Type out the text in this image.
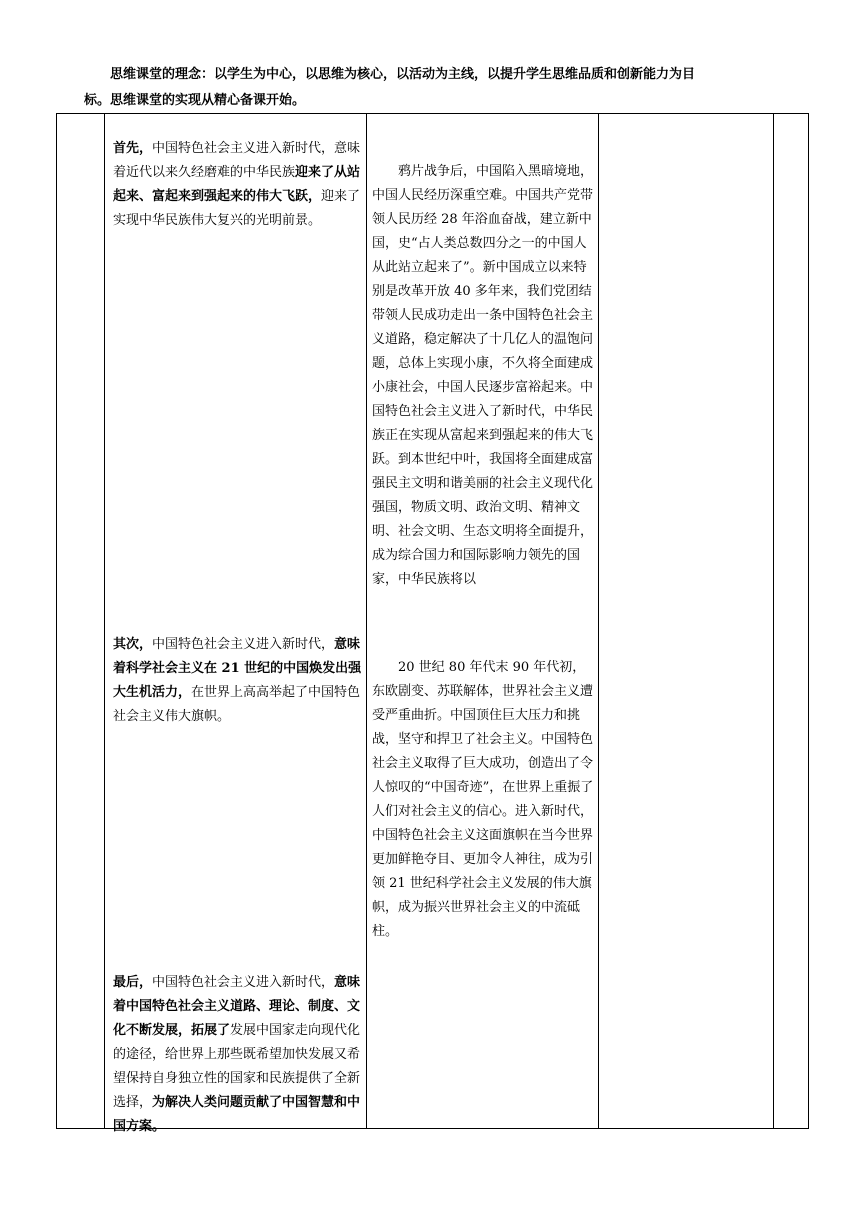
思维课堂的理念：以学生为中心，以思维为核心，以活动为主线，以提升学生思维品质和创新能力为目

标。思维课堂的实现从精心备课开始。

首先，中国特色社会主义进入新时代，意味着近代以来久经磨难的中华民族迎来了从站起来、富起来到强起来的伟大飞跃，迎来了实现中华民族伟大复兴的光明前景。

其次，中国特色社会主义进入新时代，意味着科学社会主义在 21 世纪的中国焕发出强大生机活力，在世界上高高举起了中国特色社会主义伟大旗帜。

最后，中国特色社会主义进入新时代，意味着中国特色社会主义道路、理论、制度、文化不断发展，拓展了发展中国家走向现代化的途径，给世界上那些既希望加快发展又希望保持自身独立性的国家和民族提供了全新选择，为解决人类问题贡献了中国智慧和中国方案。

鸦片战争后，中国陷入黑暗境地，中国人民经历深重空难。中国共产党带领人民历经 28 年浴血奋战，建立新中国，史“占人类总数四分之一的中国人从此站立起来了”。新中国成立以来特别是改革开放 40 多年来，我们党团结带领人民成功走出一条中国特色社会主义道路，稳定解决了十几亿人的温饱问题，总体上实现小康，不久将全面建成小康社会，中国人民逐步富裕起来。中国特色社会主义进入了新时代，中华民族正在实现从富起来到强起来的伟大飞跃。到本世纪中叶，我国将全面建成富强民主文明和谐美丽的社会主义现代化强国，物质文明、政治文明、精神文明、社会文明、生态文明将全面提升，成为综合国力和国际影响力领先的国家，中华民族将以

20 世纪 80 年代末 90 年代初，东欧剧变、苏联解体，世界社会主义遭受严重曲折。中国顶住巨大压力和挑战，坚守和捍卫了社会主义。中国特色社会主义取得了巨大成功，创造出了令人惊叹的“中国奇迹”，在世界上重振了人们对社会主义的信心。进入新时代，中国特色社会主义这面旗帜在当今世界更加鲜艳夺目、更加令人神往，成为引领 21 世纪科学社会主义发展的伟大旗帜，成为振兴世界社会主义的中流砥柱。
